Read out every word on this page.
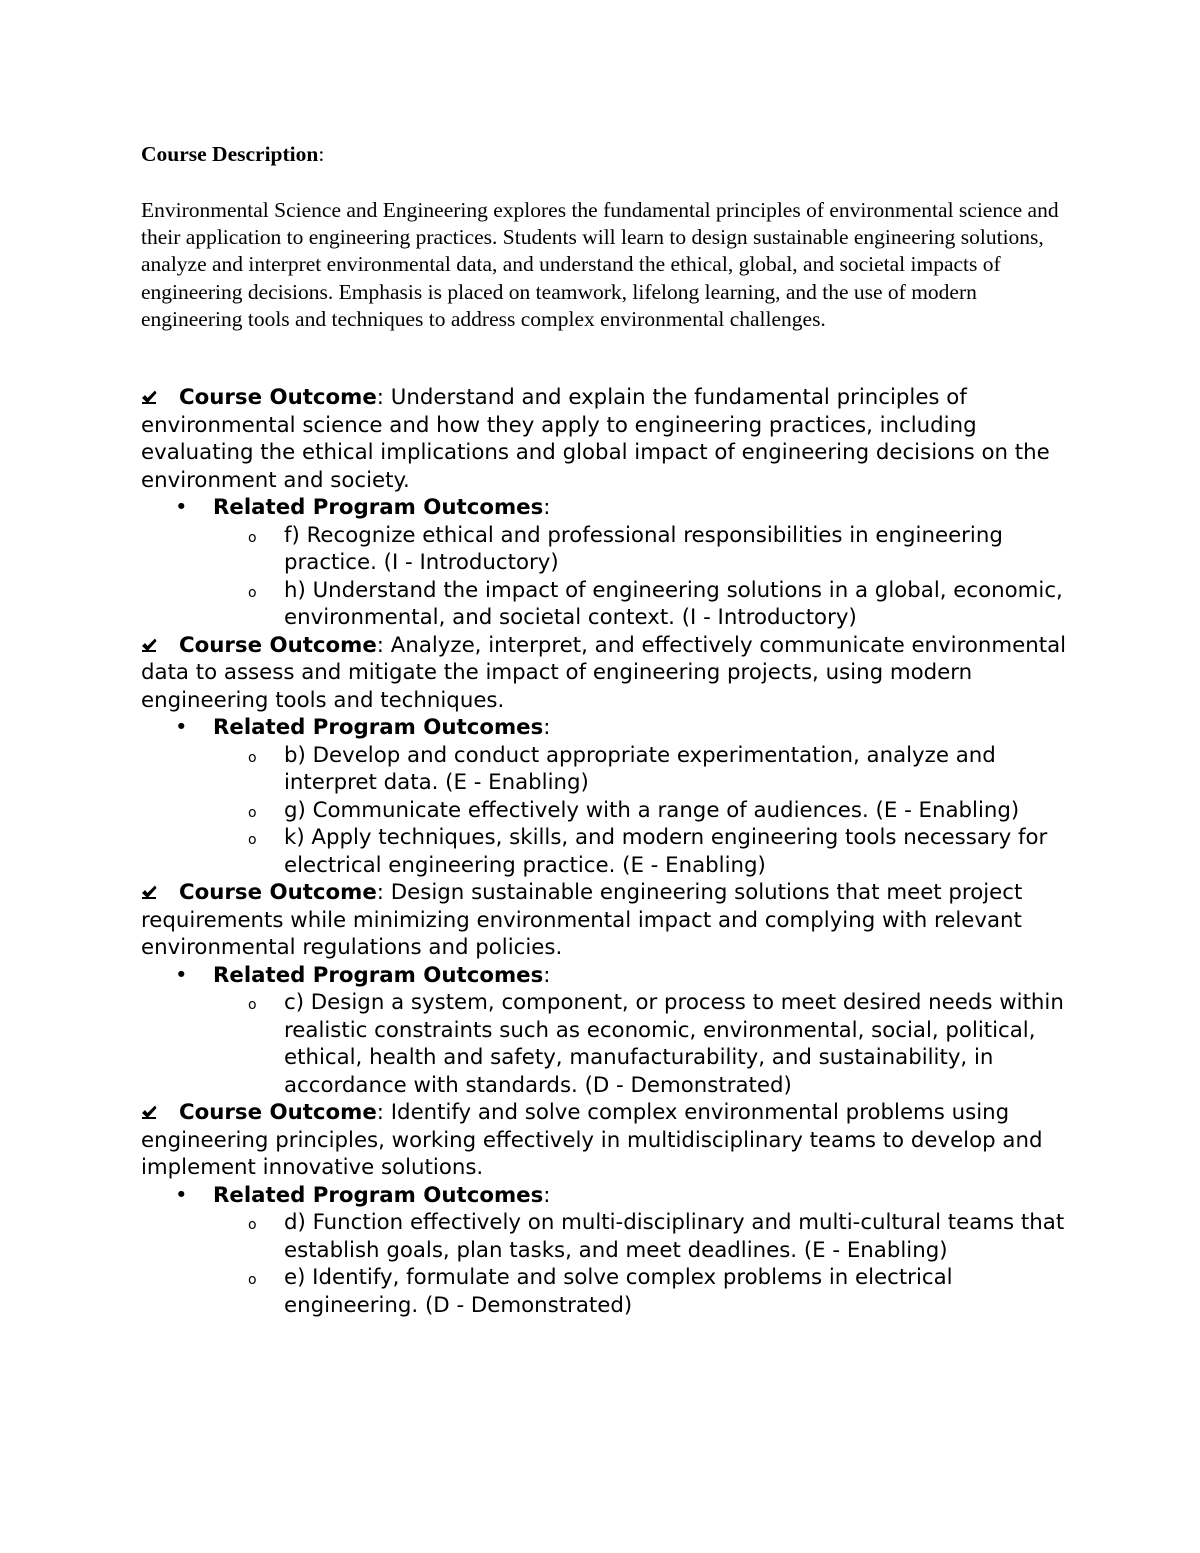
Course Description:

Environmental Science and Engineering explores the fundamental principles of environmental science and their application to engineering practices. Students will learn to design sustainable engineering solutions, analyze and interpret environmental data, and understand the ethical, global, and societal impacts of engineering decisions. Emphasis is placed on teamwork, lifelong learning, and the use of modern engineering tools and techniques to address complex environmental challenges.

Course Outcome: Understand and explain the fundamental principles of environmental science and how they apply to engineering practices, including evaluating the ethical implications and global impact of engineering decisions on the environment and society.

• Related Program Outcomes:

o f) Recognize ethical and professional responsibilities in engineering practice. (I - Introductory)

o h) Understand the impact of engineering solutions in a global, economic, environmental, and societal context. (I - Introductory)

Course Outcome: Analyze, interpret, and effectively communicate environmental data to assess and mitigate the impact of engineering projects, using modern engineering tools and techniques.

• Related Program Outcomes:

o b) Develop and conduct appropriate experimentation, analyze and interpret data. (E - Enabling)

o g) Communicate effectively with a range of audiences. (E - Enabling)

o k) Apply techniques, skills, and modern engineering tools necessary for electrical engineering practice. (E - Enabling)

Course Outcome: Design sustainable engineering solutions that meet project requirements while minimizing environmental impact and complying with relevant environmental regulations and policies.

• Related Program Outcomes:

o c) Design a system, component, or process to meet desired needs within realistic constraints such as economic, environmental, social, political, ethical, health and safety, manufacturability, and sustainability, in accordance with standards. (D - Demonstrated)

Course Outcome: Identify and solve complex environmental problems using engineering principles, working effectively in multidisciplinary teams to develop and implement innovative solutions.

• Related Program Outcomes:

o d) Function effectively on multi-disciplinary and multi-cultural teams that establish goals, plan tasks, and meet deadlines. (E - Enabling)

o e) Identify, formulate and solve complex problems in electrical engineering. (D - Demonstrated)
